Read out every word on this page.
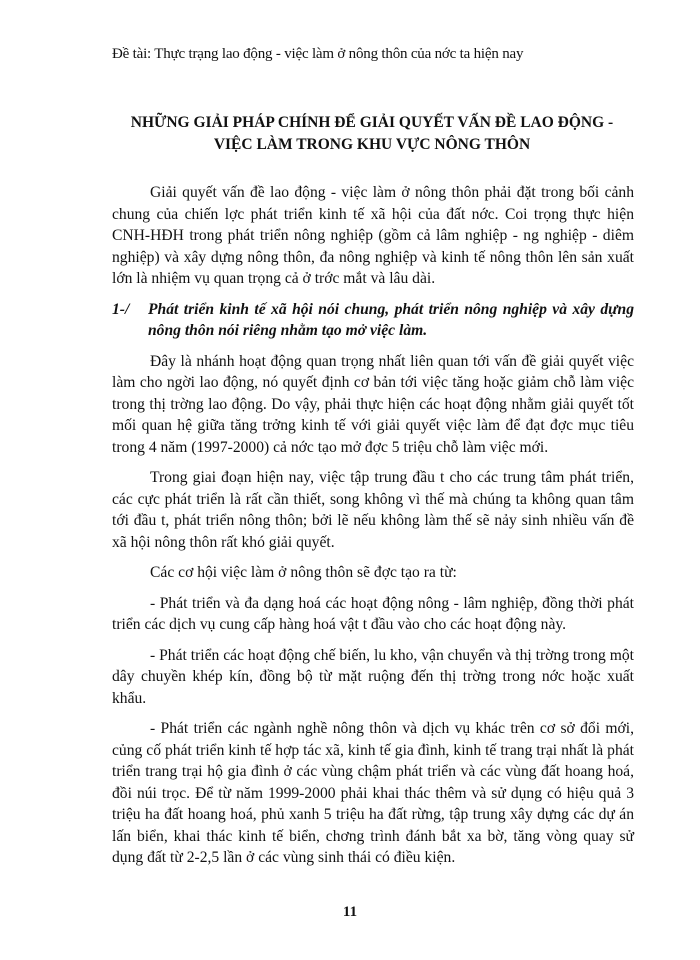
Đề tài: Thực trạng lao động - việc làm ở nông thôn của nớc ta hiện nay
NHỮNG GIẢI PHÁP CHÍNH ĐỂ GIẢI QUYẾT VẤN ĐỀ LAO ĐỘNG -
VIỆC LÀM TRONG KHU VỰC NÔNG THÔN

Giải quyết vấn đề lao động - việc làm ở nông thôn phải đặt trong bối cảnh chung của chiến lợc phát triển kinh tế xã hội của đất nớc. Coi trọng thực hiện CNH-HĐH trong phát triển nông nghiệp (gồm cả lâm nghiệp - ng nghiệp - diêm nghiệp) và xây dựng nông thôn, đa nông nghiệp và kinh tế nông thôn lên sản xuất lớn là nhiệm vụ quan trọng cả ở trớc mắt và lâu dài.

1-/	Phát triển kinh tế xã hội nói chung, phát triển nông nghiệp và xây dựng nông thôn nói riêng nhằm tạo mở việc làm.

Đây là nhánh hoạt động quan trọng nhất liên quan tới vấn đề giải quyết việc làm cho ngời lao động, nó quyết định cơ bản tới việc tăng hoặc giảm chỗ làm việc trong thị trờng lao động. Do vậy, phải thực hiện các hoạt động nhằm giải quyết tốt mối quan hệ giữa tăng trởng kinh tế với giải quyết việc làm để đạt đợc mục tiêu trong 4 năm (1997-2000) cả nớc tạo mở đợc 5 triệu chỗ làm việc mới.

Trong giai đoạn hiện nay, việc tập trung đầu t cho các trung tâm phát triển, các cực phát triển là rất cần thiết, song không vì thế mà chúng ta không quan tâm tới đầu t, phát triển nông thôn; bởi lẽ nếu không làm thế sẽ nảy sinh nhiều vấn đề xã hội nông thôn rất khó giải quyết.

Các cơ hội việc làm ở nông thôn sẽ đợc tạo ra từ:

- Phát triển và đa dạng hoá các hoạt động nông - lâm nghiệp, đồng thời phát triển các dịch vụ cung cấp hàng hoá vật t đầu vào cho các hoạt động này.

- Phát triển các hoạt động chế biến, lu kho, vận chuyển và thị trờng trong một dây chuyền khép kín, đồng bộ từ mặt ruộng đến thị trờng trong nớc hoặc xuất khẩu.

- Phát triển các ngành nghề nông thôn và dịch vụ khác trên cơ sở đổi mới, củng cố phát triển kinh tế hợp tác xã, kinh tế gia đình, kinh tế trang trại nhất là phát triển trang trại hộ gia đình ở các vùng chậm phát triển và các vùng đất hoang hoá, đồi núi trọc. Để từ năm 1999-2000 phải khai thác thêm và sử dụng có hiệu quả 3 triệu ha đất hoang hoá, phủ xanh 5 triệu ha đất rừng, tập trung xây dựng các dự án lấn biển, khai thác kinh tế biển, chơng trình đánh bắt xa bờ, tăng vòng quay sử dụng đất từ 2-2,5 lần ở các vùng sinh thái có điều kiện.

11
